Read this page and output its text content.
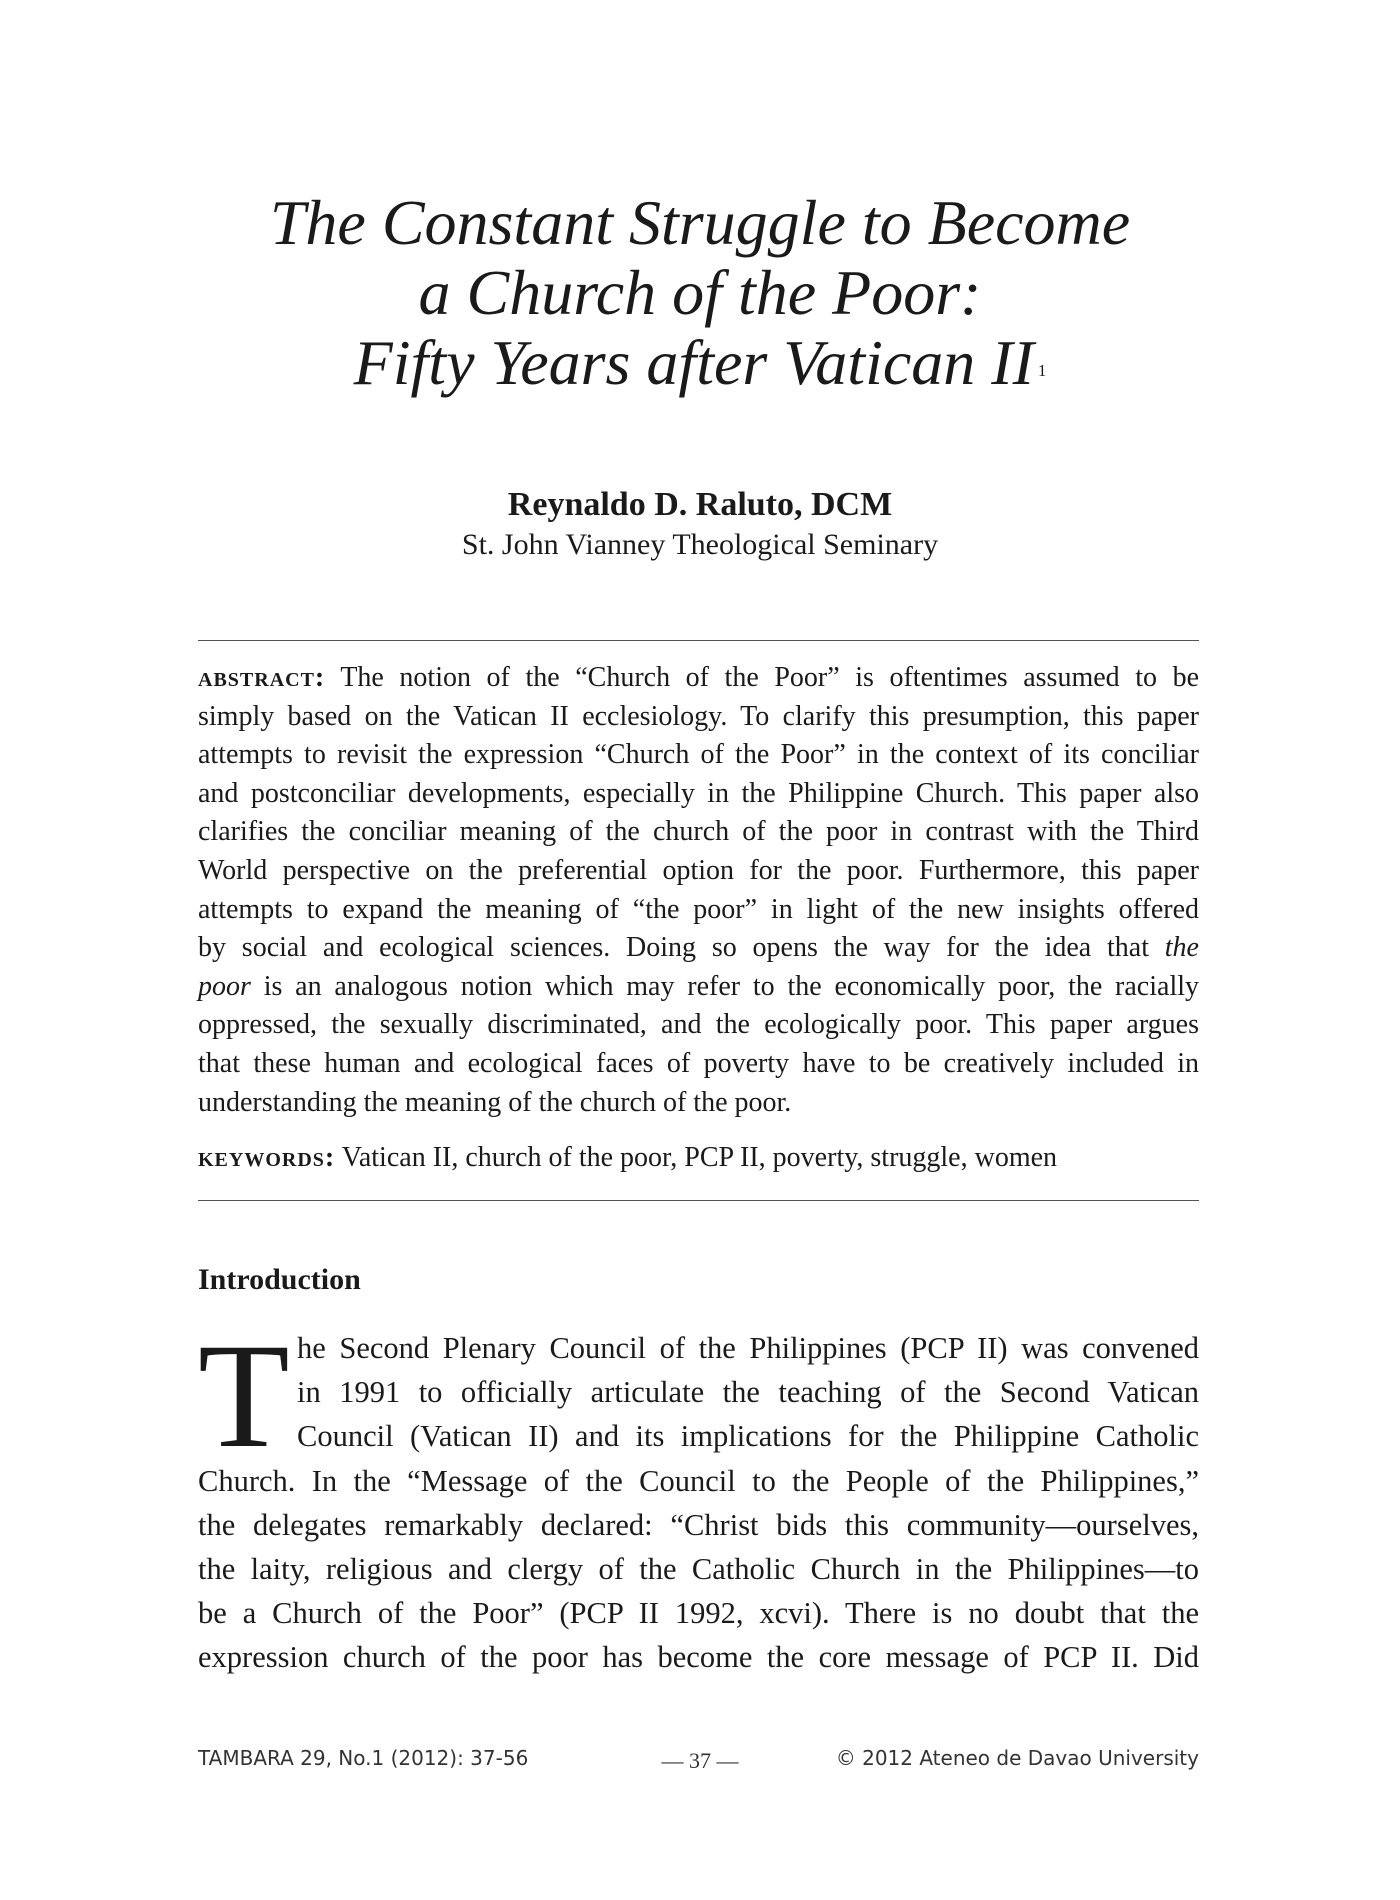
The Constant Struggle to Become
a Church of the Poor:
Fifty Years after Vatican II $^1$
Reynaldo D. Raluto, DCM
St. John Vianney Theological Seminary
abstract: The notion of the “Church of the Poor” is oftentimes assumed to be
simply based on the Vatican II ecclesiology. To clarify this presumption, this paper
attempts to revisit the expression “Church of the Poor” in the context of its conciliar
and postconciliar developments, especially in the Philippine Church. This paper also
clarifies the conciliar meaning of the church of the poor in contrast with the Third
World perspective on the preferential option for the poor. Furthermore, this paper
attempts to expand the meaning of “the poor” in light of the new insights offered
by social and ecological sciences. Doing so opens the way for the idea that the
poor is an analogous notion which may refer to the economically poor, the racially
oppressed, the sexually discriminated, and the ecologically poor. This paper argues
that these human and ecological faces of poverty have to be creatively included in
understanding the meaning of the church of the poor.
keywords: Vatican II, church of the poor, PCP II, poverty, struggle, women
Introduction
T he Second Plenary Council of the Philippines (PCP II) was convened
in 1991 to officially articulate the teaching of the Second Vatican
Council (Vatican II) and its implications for the Philippine Catholic
Church. In the “Message of the Council to the People of the Philippines,”
the delegates remarkably declared: “Christ bids this community—ourselves,
the laity, religious and clergy of the Catholic Church in the Philippines—to
be a Church of the Poor” (PCP II 1992, xcvi). There is no doubt that the
expression church of the poor has become the core message of PCP II. Did
TAMBARA 29, No.1 (2012): 37-56	— 37 —	© 2012 Ateneo de Davao University
